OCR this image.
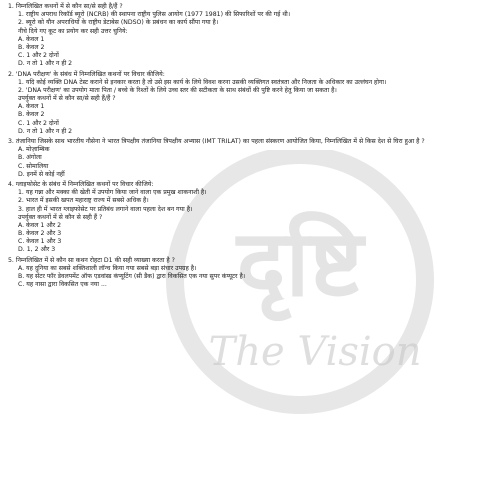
दृष्टि
The Vision
1. निम्नलिखित कथनों में से कौन सा/से सही है/हैं ?
1. राष्ट्रीय अपराध रिकॉर्ड ब्यूरो (NCRB) की स्थापना राष्ट्रीय पुलिस आयोग (1977 1981) की सिफारिशों पर की गई थी।
2. ब्यूरो को यौन अपराधियों के राष्ट्रीय डेटाबेस (NDSO) के प्रबंधन का कार्य सौंपा गया है।
नीचे दिये गए कूट का प्रयोग कर सही उत्तर चुनिये:
A. केवल 1
B. केवल 2
C. 1 और 2 दोनों
D. न तो 1 और न ही 2
2. 'DNA परीक्षण' के संबंध में निम्नलिखित कथनों पर विचार कीजिये:
1. यदि कोई व्यक्ति DNA टेस्ट कराने से इनकार करता है तो उसे इस कार्य के लिये विवश करना उसकी व्यक्तिगत स्वतंत्रता और निजता के अधिकार का उल्लंघन होगा।
2. 'DNA परीक्षण' का उपयोग माता पिता / बच्चे के रिश्तों के लिये उच्च स्तर की सटीकता के साथ संबंधों की पुष्टि करने हेतु किया जा सकता है।
उपर्युक्त कथनों में से कौन सा/से सही हैं/हैं ?
A. केवल 1
B. केवल 2
C. 1 और 2 दोनों
D. न तो 1 और न ही 2
3. तंजानिया जिसके साथ भारतीय नौसेना ने भारत त्रिपक्षीय तंजानिया त्रिपक्षीय अभ्यास (IMT TRILAT) का पहला संस्करण आयोजित किया, निम्नलिखित में से किस देश से घिरा हुआ है ?
A. मोज़ाम्बिक
B. अंगोला
C. सोमालिया
D. इनमें से कोई नहीं
4. ग्लाइफोसेट के संबंध में निम्नलिखित कथनों पर विचार कीजिये:
1. यह गन्ना और मक्का की खेती में उपयोग किया जाने वाला एक प्रमुख शाकनाशी है।
2. भारत में इसकी खपत महाराष्ट्र राज्य में सबसे अधिक है।
3. हाल ही में भारत ग्लाइफोसेट पर प्रतिबंध लगाने वाला पहला देश बन गया है।
उपर्युक्त कथनों में से कौन से सही हैं ?
A. केवल 1 और 2
B. केवल 2 और 3
C. केवल 1 और 3
D. 1, 2 और 3
5. निम्नलिखित में से कौन सा कथन रोहटा D1 की सही व्याख्या करता है ?
A. यह दुनिया का सबसे शक्तिशाली लॉन्च किया गया सबसे बड़ा संचार उपग्रह है।
B. यह सेंटर फॉर डेवलपमेंट ऑफ एडवांस्ड कंप्यूटिंग (सी डैक) द्वारा विकसित एक नया सुपर कंप्यूटर है।
C. यह नासा द्वारा विकसित एक नया ...
